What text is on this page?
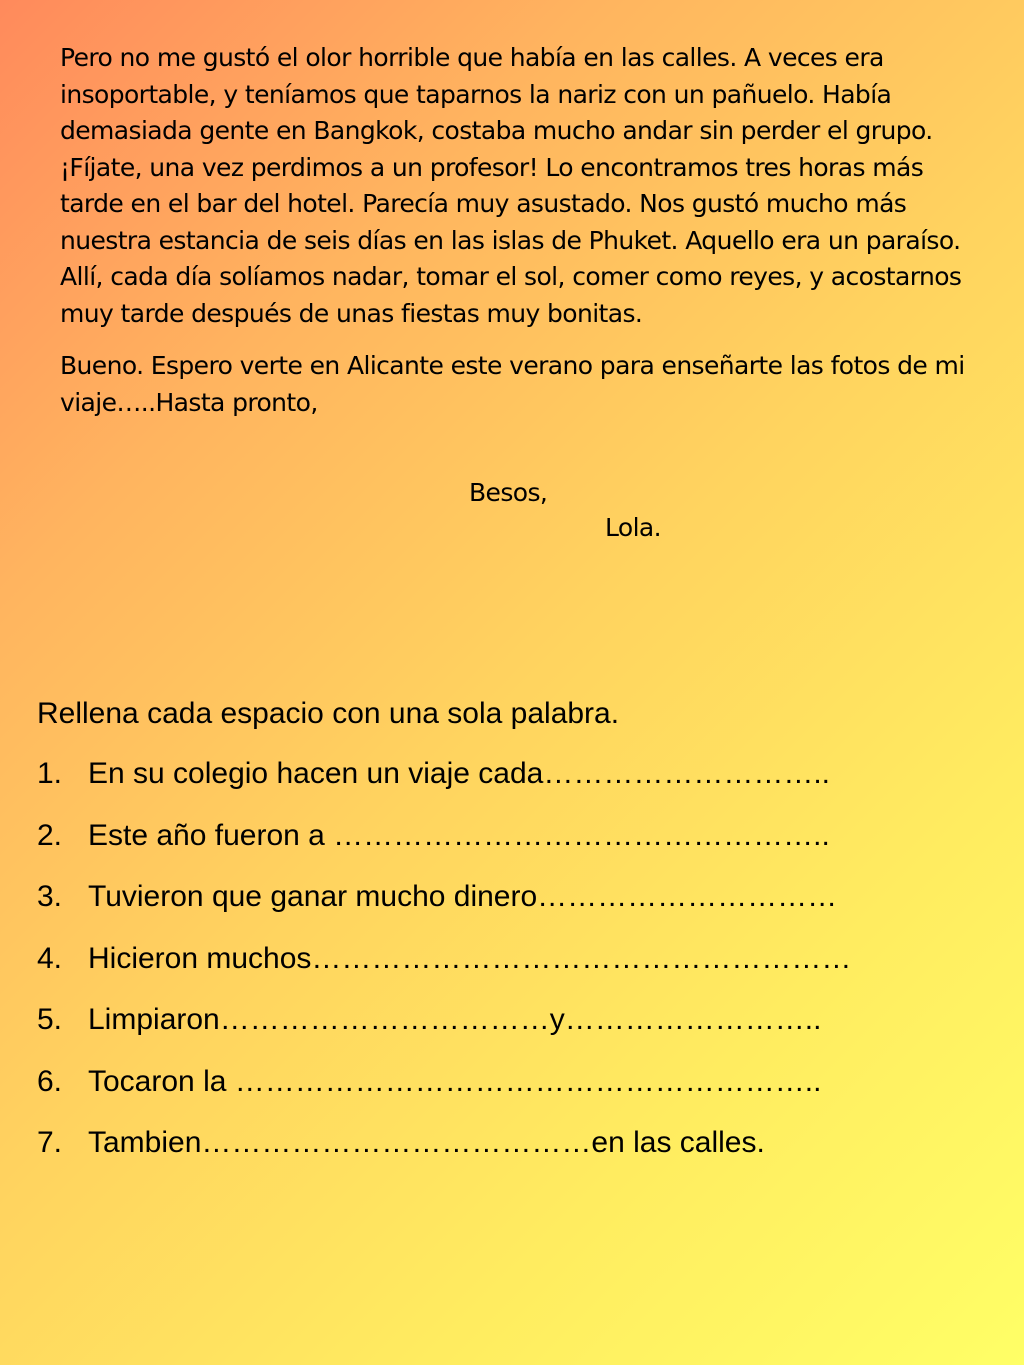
Pero no me gustó el olor horrible que había en las calles. A veces era insoportable, y teníamos que taparnos la nariz con un pañuelo. Había demasiada gente en Bangkok, costaba mucho andar sin perder el grupo. ¡Fíjate, una vez perdimos a un profesor! Lo encontramos tres horas más tarde en el bar del hotel. Parecía muy asustado. Nos gustó mucho más nuestra estancia de seis días en las islas de Phuket. Aquello era un paraíso. Allí, cada día solíamos nadar, tomar el sol, comer como reyes, y acostarnos muy tarde después de unas fiestas muy bonitas.

Bueno. Espero verte en Alicante este verano para enseñarte las fotos de mi viaje…..Hasta pronto,

Besos,
Lola.

Rellena cada espacio con una sola palabra.

1. En su colegio hacen un viaje cada………………………..
2. Este año fueron a …………………………………………..
3. Tuvieron que ganar mucho dinero…………………………
4. Hicieron muchos………………………………………………
5. Limpiaron……………………………y……………………..
6. Tocaron la …………………………………………………..
7. Tambien…………………………………en las calles.
